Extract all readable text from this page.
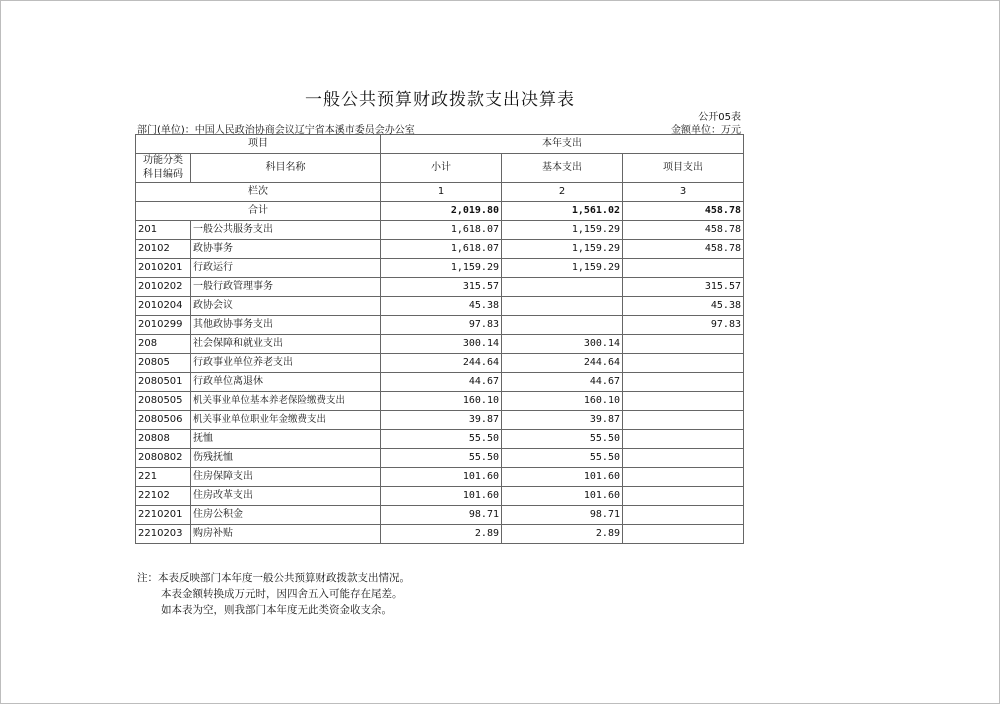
一般公共预算财政拨款支出决算表
公开05表
部门(单位)：中国人民政治协商会议辽宁省本溪市委员会办公室	金额单位：万元
项目		本年支出		
功能分类
科目编码	科目名称	小计	基本支出	项目支出
栏次		1	2	3
合计		2,019.80	1,561.02	458.78
201	一般公共服务支出	1,618.07	1,159.29	458.78
20102	政协事务	1,618.07	1,159.29	458.78
2010201	行政运行	1,159.29	1,159.29	
2010202	一般行政管理事务	315.57		315.57
2010204	政协会议	45.38		45.38
2010299	其他政协事务支出	97.83		97.83
208	社会保障和就业支出	300.14	300.14	
20805	行政事业单位养老支出	244.64	244.64	
2080501	行政单位离退休	44.67	44.67	
2080505	机关事业单位基本养老保险缴费支出	160.10	160.10	
2080506	机关事业单位职业年金缴费支出	39.87	39.87	
20808	抚恤	55.50	55.50	
2080802	伤残抚恤	55.50	55.50	
221	住房保障支出	101.60	101.60	
22102	住房改革支出	101.60	101.60	
2210201	住房公积金	98.71	98.71	
2210203	购房补贴	2.89	2.89	
注：本表反映部门本年度一般公共预算财政拨款支出情况。
本表金额转换成万元时，因四舍五入可能存在尾差。
如本表为空，则我部门本年度无此类资金收支余。
